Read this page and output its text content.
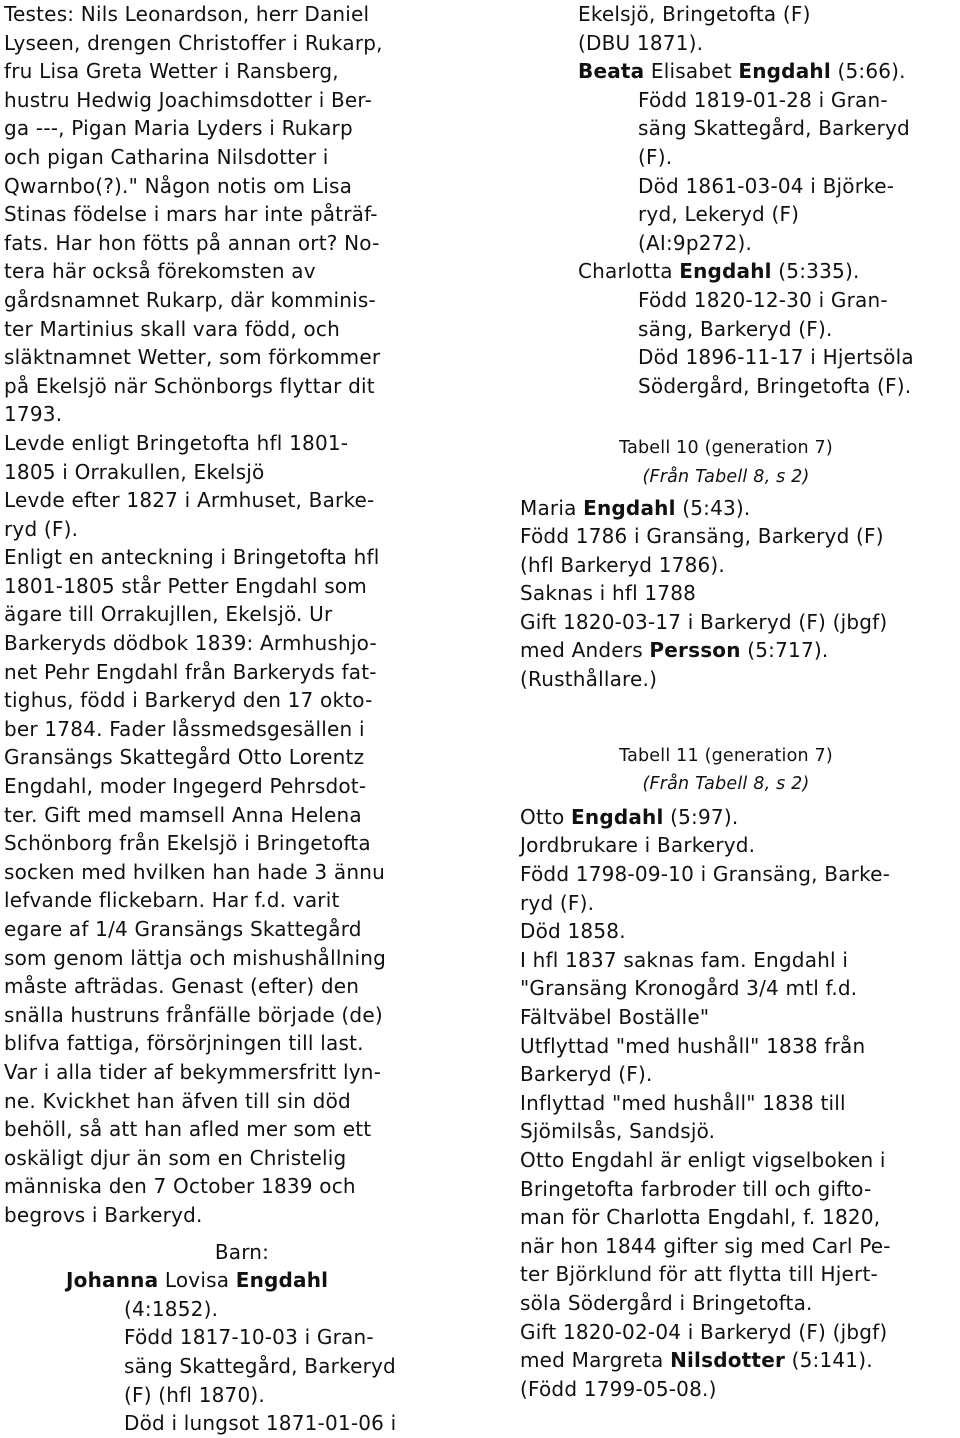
Testes: Nils Leonardson, herr Daniel
Lyseen, drengen Christoffer i Rukarp,
fru Lisa Greta Wetter i Ransberg,
hustru Hedwig Joachimsdotter i Ber-
ga ---, Pigan Maria Lyders i Rukarp
och pigan Catharina Nilsdotter i
Qwarnbo(?)." Någon notis om Lisa
Stinas födelse i mars har inte påträf-
fats. Har hon fötts på annan ort? No-
tera här också förekomsten av
gårdsnamnet Rukarp, där komminis-
ter Martinius skall vara född, och
släktnamnet Wetter, som förkommer
på Ekelsjö när Schönborgs flyttar dit
1793.
Levde enligt Bringetofta hfl 1801-
1805 i Orrakullen, Ekelsjö
Levde efter 1827 i Armhuset, Barke-
ryd (F).
Enligt en anteckning i Bringetofta hfl
1801-1805 står Petter Engdahl som
ägare till Orrakujllen, Ekelsjö. Ur
Barkeryds dödbok 1839: Armhushjo-
net Pehr Engdahl från Barkeryds fat-
tighus, född i Barkeryd den 17 okto-
ber 1784. Fader låssmedsgesällen i
Gransängs Skattegård Otto Lorentz
Engdahl, moder Ingegerd Pehrsdot-
ter. Gift med mamsell Anna Helena
Schönborg från Ekelsjö i Bringetofta
socken med hvilken han hade 3 ännu
lefvande flickebarn. Har f.d. varit
egare af 1/4 Gransängs Skattegård
som genom lättja och mishushållning
måste afträdas. Genast (efter) den
snälla hustruns frånfälle började (de)
blifva fattiga, försörjningen till last.
Var i alla tider af bekymmersfritt lyn-
ne. Kvickhet han äfven till sin död
behöll, så att han afled mer som ett
oskäligt djur än som en Christelig
människa den 7 October 1839 och
begrovs i Barkeryd.
Barn:
Johanna Lovisa Engdahl
(4:1852).
Född 1817-10-03 i Gran-
säng Skattegård, Barkeryd
(F) (hfl 1870).
Död i lungsot 1871-01-06 i
Ekelsjö, Bringetofta (F)
(DBU 1871).
Beata Elisabet Engdahl (5:66).
Född 1819-01-28 i Gran-
säng Skattegård, Barkeryd
(F).
Död 1861-03-04 i Björke-
ryd, Lekeryd (F)
(AI:9p272).
Charlotta Engdahl (5:335).
Född 1820-12-30 i Gran-
säng, Barkeryd (F).
Död 1896-11-17 i Hjertsöla
Södergård, Bringetofta (F).
Tabell 10 (generation 7)
(Från Tabell 8, s 2)
Maria Engdahl (5:43).
Född 1786 i Gransäng, Barkeryd (F)
(hfl Barkeryd 1786).
Saknas i hfl 1788
Gift 1820-03-17 i Barkeryd (F) (jbgf)
med Anders Persson (5:717).
(Rusthållare.)
Tabell 11 (generation 7)
(Från Tabell 8, s 2)
Otto Engdahl (5:97).
Jordbrukare i Barkeryd.
Född 1798-09-10 i Gransäng, Barke-
ryd (F).
Död 1858.
I hfl 1837 saknas fam. Engdahl i
"Gransäng Kronogård 3/4 mtl f.d.
Fältväbel Boställe"
Utflyttad "med hushåll" 1838 från
Barkeryd (F).
Inflyttad "med hushåll" 1838 till
Sjömilsås, Sandsjö.
Otto Engdahl är enligt vigselboken i
Bringetofta farbroder till och gifto-
man för Charlotta Engdahl, f. 1820,
när hon 1844 gifter sig med Carl Pe-
ter Björklund för att flytta till Hjert-
söla Södergård i Bringetofta.
Gift 1820-02-04 i Barkeryd (F) (jbgf)
med Margreta Nilsdotter (5:141).
(Född 1799-05-08.)
